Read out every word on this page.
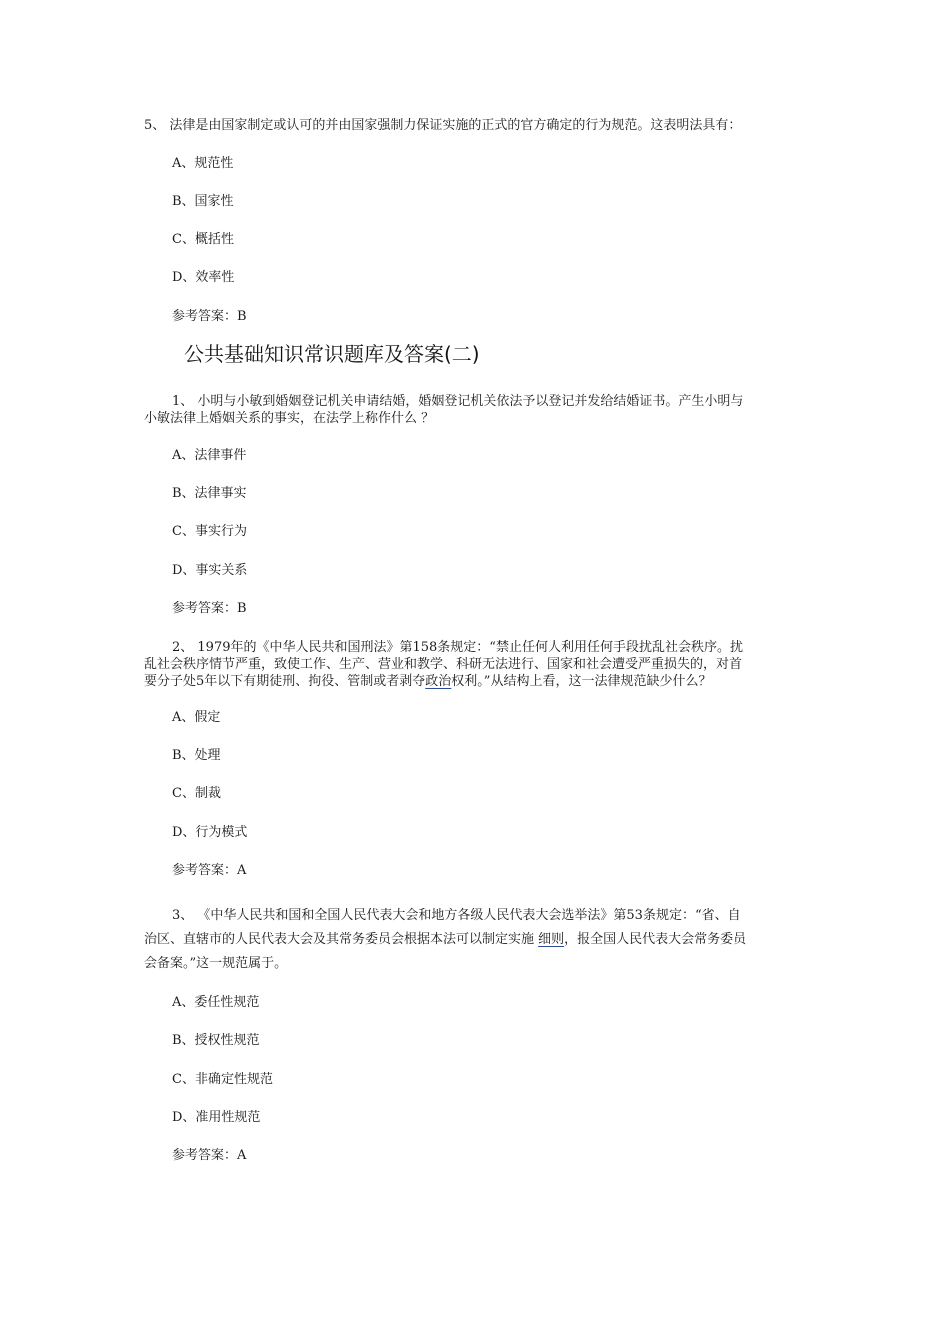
5、 法律是由国家制定或认可的并由国家强制力保证实施的正式的官方确定的行为规范。这表明法具有：
A、规范性
B、国家性
C、概括性
D、效率性
参考答案：B
公共基础知识常识题库及答案(二)
1、 小明与小敏到婚姻登记机关申请结婚，婚姻登记机关依法予以登记并发给结婚证书。产生小明与
小敏法律上婚姻关系的事实，在法学上称作什么 ？
A、法律事件
B、法律事实
C、事实行为
D、事实关系
参考答案：B
2、 1979年的《中华人民共和国刑法》第158条规定：“禁止任何人利用任何手段扰乱社会秩序。扰
乱社会秩序情节严重，致使工作、生产、营业和教学、科研无法进行、国家和社会遭受严重损失的，对首
要分子处5年以下有期徒刑、拘役、管制或者剥夺政治权利。”从结构上看，这一法律规范缺少什么？
A、假定
B、处理
C、制裁
D、行为模式
参考答案：A
3、 《中华人民共和国和全国人民代表大会和地方各级人民代表大会选举法》第53条规定：“省、自
治区、直辖市的人民代表大会及其常务委员会根据本法可以制定实施 细则，报全国人民代表大会常务委员
会备案。”这一规范属于。
A、委任性规范
B、授权性规范
C、非确定性规范
D、准用性规范
参考答案：A
